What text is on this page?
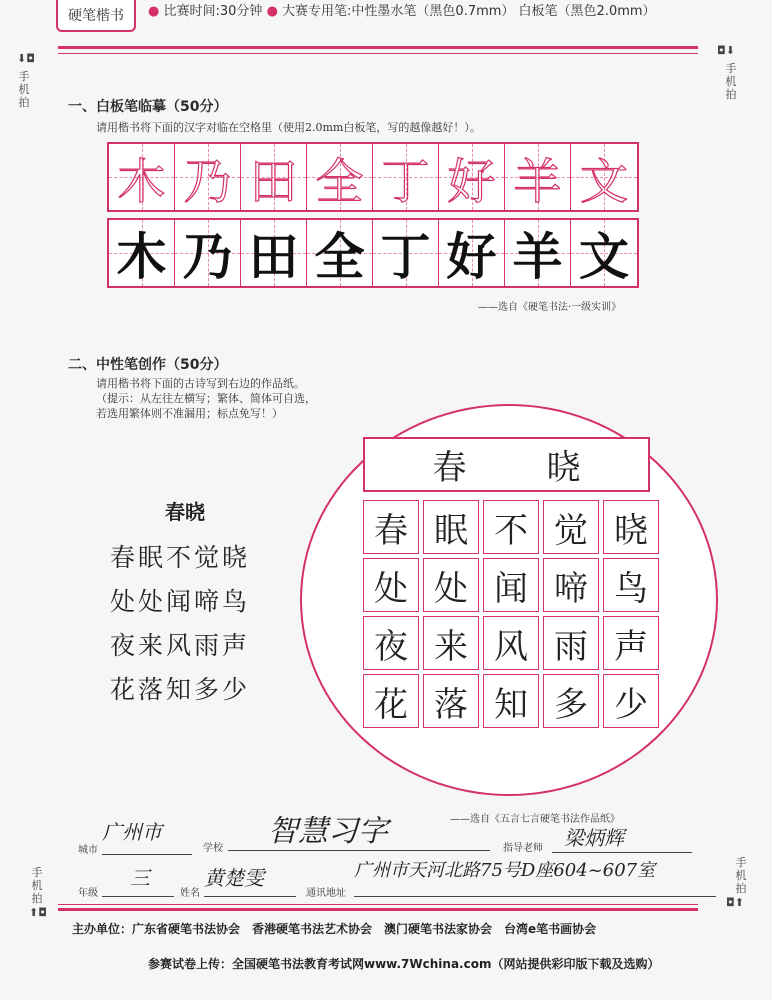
硬笔楷书 ● 比赛时间:30分钟 ● 大赛专用笔:中性墨水笔（黑色0.7mm） 白板笔（黑色2.0mm）
⬇◘
手机拍
◘⬇
手机拍
一、白板笔临摹（50分）
请用楷书将下面的汉字对临在空格里（使用2.0mm白板笔，写的越像越好！）。
木 乃 田 全 丁 好 羊 文
木 乃 田 全 丁 好 羊 文
——选自《硬笔书法·一级实训》
二、中性笔创作（50分）
请用楷书将下面的古诗写到右边的作品纸。
（提示：从左往左横写；繁体、简体可自选，
若选用繁体则不准漏用；标点免写！）
春晓
春眠不觉晓
处处闻啼鸟
夜来风雨声
花落知多少
春 晓
春 眠 不 觉 晓
处 处 闻 啼 鸟
夜 来 风 雨 声
花 落 知 多 少
——选自《五言七言硬笔书法作品纸》
城市
广州市
学校	智慧习字	指导老师	梁炳辉
年级
三
姓名
黄楚雯
通讯地址
广州市天河北路75号D座604~607室
手机拍
⬆◘
手机拍
◘⬆
主办单位：广东省硬笔书法协会　香港硬笔书法艺术协会　澳门硬笔书法家协会　台湾e笔书画协会
参赛试卷上传：全国硬笔书法教育考试网www.7Wchina.com（网站提供彩印版下载及选购）
